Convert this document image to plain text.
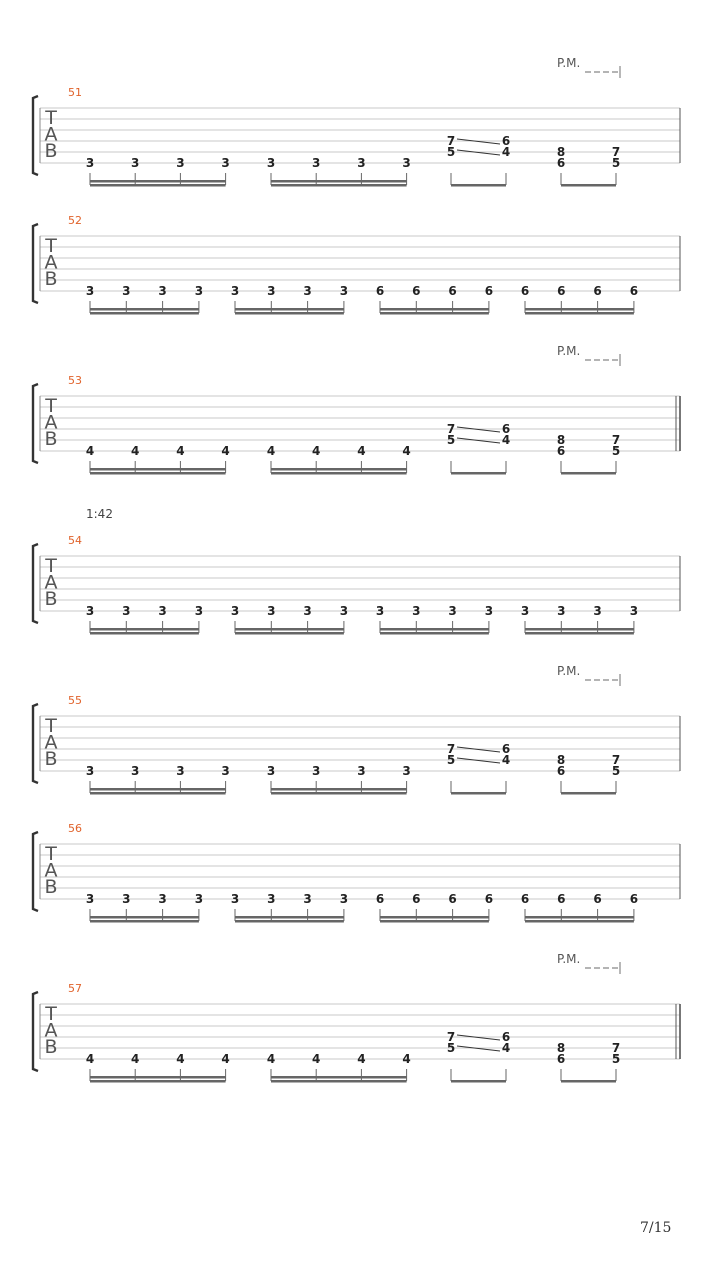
P.M.
51
T
A
B
3	3	3	3	3	3	3	3
7
5
6
4	8
6
7
5
52
T
A
B
3 3 3 3 3 3 3 3 6 6 6 6 6 6 6 6
P.M.
53
T
A
B
4	4	4	4	4	4	4	4
7
5
6
4	8
6
7
5
1:42
54
T
A
B
3 3 3 3 3 3 3 3 3 3 3 3 3 3 3 3
P.M.
55
T
A
B
3	3	3	3	3	3	3	3
7
5
6
4	8
6
7
5
56
T
A
B
3 3 3 3 3 3 3 3 6 6 6 6 6 6 6 6
P.M.
57
T
A
B
4	4	4	4	4	4	4	4
7
5
6
4	8
6
7
5
7/15
